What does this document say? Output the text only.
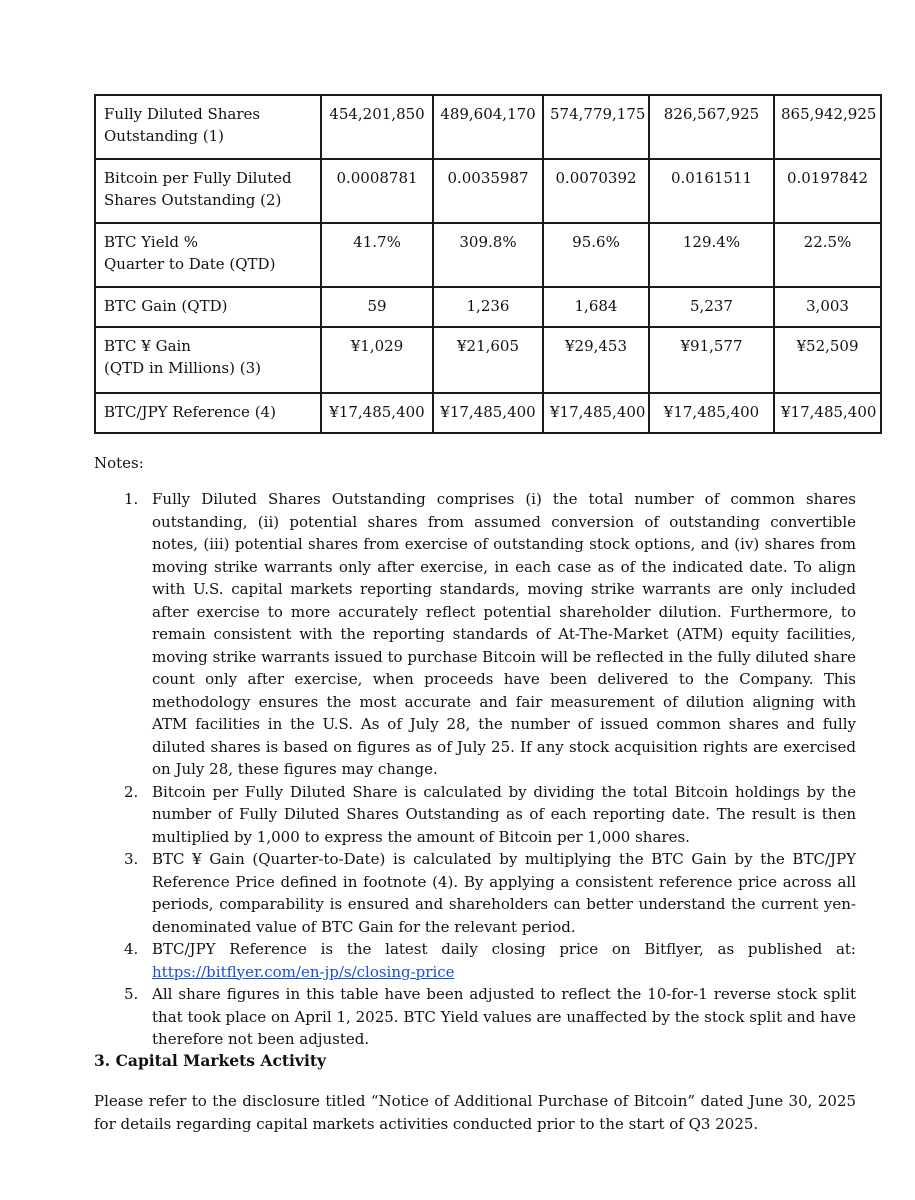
Fully Diluted Shares
Outstanding (1)	454,201,850	489,604,170	574,779,175	826,567,925	865,942,925

Bitcoin per Fully Diluted
Shares Outstanding (2)	0.0008781	0.0035987	0.0070392	0.0161511	0.0197842

BTC Yield %
Quarter to Date (QTD)	41.7%	309.8%	95.6%	129.4%	22.5%

BTC Gain (QTD)	59	1,236	1,684	5,237	3,003

BTC ¥ Gain
(QTD in Millions) (3)	¥1,029	¥21,605	¥29,453	¥91,577	¥52,509

BTC/JPY Reference (4)	¥17,485,400	¥17,485,400	¥17,485,400	¥17,485,400	¥17,485,400
Notes:
1. Fully Diluted Shares Outstanding comprises (i) the total number of common shares outstanding, (ii) potential shares from assumed conversion of outstanding convertible notes, (iii) potential shares from exercise of outstanding stock options, and (iv) shares from moving strike warrants only after exercise, in each case as of the indicated date. To align with U.S. capital markets reporting standards, moving strike warrants are only included after exercise to more accurately reflect potential shareholder dilution. Furthermore, to remain consistent with the reporting standards of At-The-Market (ATM) equity facilities, moving strike warrants issued to purchase Bitcoin will be reflected in the fully diluted share count only after exercise, when proceeds have been delivered to the Company. This methodology ensures the most accurate and fair measurement of dilution aligning with ATM facilities in the U.S. As of July 28, the number of issued common shares and fully diluted shares is based on figures as of July 25. If any stock acquisition rights are exercised on July 28, these figures may change.
2. Bitcoin per Fully Diluted Share is calculated by dividing the total Bitcoin holdings by the number of Fully Diluted Shares Outstanding as of each reporting date. The result is then multiplied by 1,000 to express the amount of Bitcoin per 1,000 shares.
3. BTC ¥ Gain (Quarter-to-Date) is calculated by multiplying the BTC Gain by the BTC/JPY Reference Price defined in footnote (4). By applying a consistent reference price across all periods, comparability is ensured and shareholders can better understand the current yen-denominated value of BTC Gain for the relevant period.
4. BTC/JPY Reference is the latest daily closing price on Bitflyer, as published at: https://bitflyer.com/en-jp/s/closing-price
5. All share figures in this table have been adjusted to reflect the 10-for-1 reverse stock split that took place on April 1, 2025. BTC Yield values are unaffected by the stock split and have therefore not been adjusted.
3. Capital Markets Activity

Please refer to the disclosure titled “Notice of Additional Purchase of Bitcoin” dated June 30, 2025 for details regarding capital markets activities conducted prior to the start of Q3 2025.
